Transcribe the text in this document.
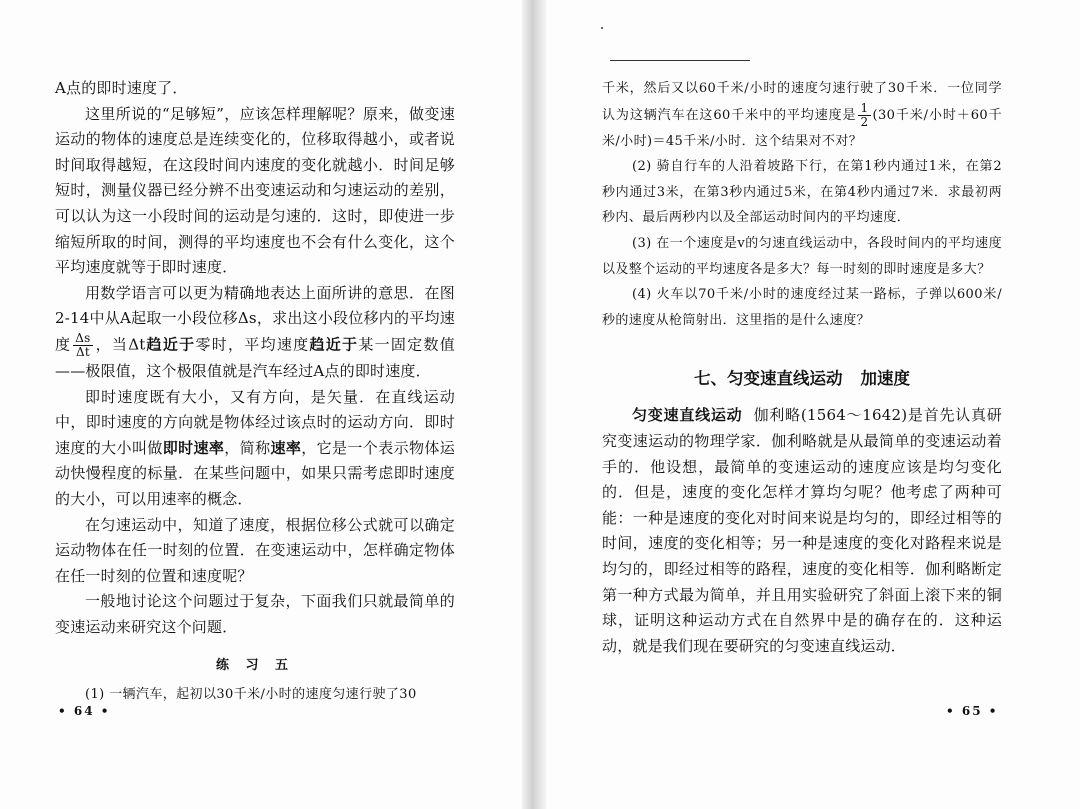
A点的即时速度了．

这里所说的“足够短”，应该怎样理解呢？原来，做变速运动的物体的速度总是连续变化的，位移取得越小，或者说时间取得越短，在这段时间内速度的变化就越小．时间足够短时，测量仪器已经分辨不出变速运动和匀速运动的差别，可以认为这一小段时间的运动是匀速的．这时，即使进一步缩短所取的时间，测得的平均速度也不会有什么变化，这个平均速度就等于即时速度．

用数学语言可以更为精确地表达上面所讲的意思．在图2-14中从A起取一小段位移Δs，求出这小段位移内的平均速度 $\frac{\Delta s}{\Delta t}$ ，当Δt趋近于零时，平均速度趋近于某一固定数值——极限值，这个极限值就是汽车经过A点的即时速度．

即时速度既有大小，又有方向，是矢量．在直线运动中，即时速度的方向就是物体经过该点时的运动方向．即时速度的大小叫做即时速率，简称速率，它是一个表示物体运动快慢程度的标量．在某些问题中，如果只需考虑即时速度的大小，可以用速率的概念．

在匀速运动中，知道了速度，根据位移公式就可以确定运动物体在任一时刻的位置．在变速运动中，怎样确定物体在任一时刻的位置和速度呢？

一般地讨论这个问题过于复杂，下面我们只就最简单的变速运动来研究这个问题．

练 习 五

(1) 一辆汽车，起初以30千米/小时的速度匀速行驶了30

• 64 •

千米，然后又以60千米/小时的速度匀速行驶了30千米．一位同学认为这辆汽车在这60千米中的平均速度是 $\frac{1}{2} (30$千米/小时＋60千米/小时)＝45千米/小时．这个结果对不对？

(2) 骑自行车的人沿着坡路下行，在第1秒内通过1米，在第2秒内通过3米，在第3秒内通过5米，在第4秒内通过7米．求最初两秒内、最后两秒内以及全部运动时间内的平均速度．

(3) 在一个速度是v的匀速直线运动中，各段时间内的平均速度以及整个运动的平均速度各是多大？每一时刻的即时速度是多大？

(4) 火车以70千米/小时的速度经过某一路标，子弹以600米/秒的速度从枪筒射出．这里指的是什么速度？

七、匀变速直线运动 加速度

匀变速直线运动 伽利略(1564～1642)是首先认真研究变速运动的物理学家．伽利略就是从最简单的变速运动着手的．他设想，最简单的变速运动的速度应该是均匀变化的．但是，速度的变化怎样才算均匀呢？他考虑了两种可能：一种是速度的变化对时间来说是均匀的，即经过相等的时间，速度的变化相等；另一种是速度的变化对路程来说是均匀的，即经过相等的路程，速度的变化相等．伽利略断定第一种方式最为简单，并且用实验研究了斜面上滚下来的铜球，证明这种运动方式在自然界中是的确存在的．这种运动，就是我们现在要研究的匀变速直线运动．

• 65 •
